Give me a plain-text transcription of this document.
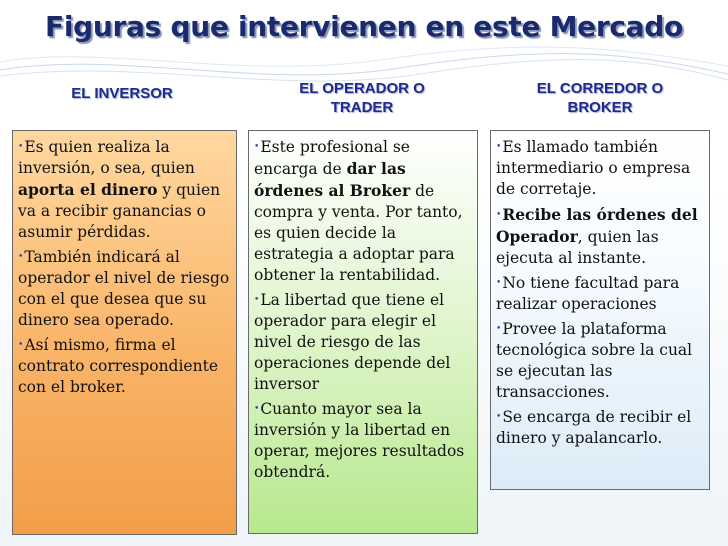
Figuras que intervienen en este Mercado
EL INVERSOR	EL OPERADOR O
TRADER
EL CORREDOR O
BROKER

•Es quien realiza la inversión, o sea, quien aporta el dinero y quien va a recibir ganancias o asumir pérdidas.

•También indicará al operador el nivel de riesgo con el que desea que su dinero sea operado.

•Así mismo, firma el contrato correspondiente con el broker.

•Este profesional se encarga de dar las órdenes al Broker de compra y venta. Por tanto, es quien decide la estrategia a adoptar para obtener la rentabilidad.

•La libertad que tiene el operador para elegir el nivel de riesgo de las operaciones depende del inversor

•Cuanto mayor sea la inversión y la libertad en operar, mejores resultados obtendrá.

•Es llamado también intermediario o empresa de corretaje.

•Recibe las órdenes del Operador, quien las ejecuta al instante.

•No tiene facultad para realizar operaciones

•Provee la plataforma tecnológica sobre la cual se ejecutan las transacciones.

•Se encarga de recibir el dinero y apalancarlo.
